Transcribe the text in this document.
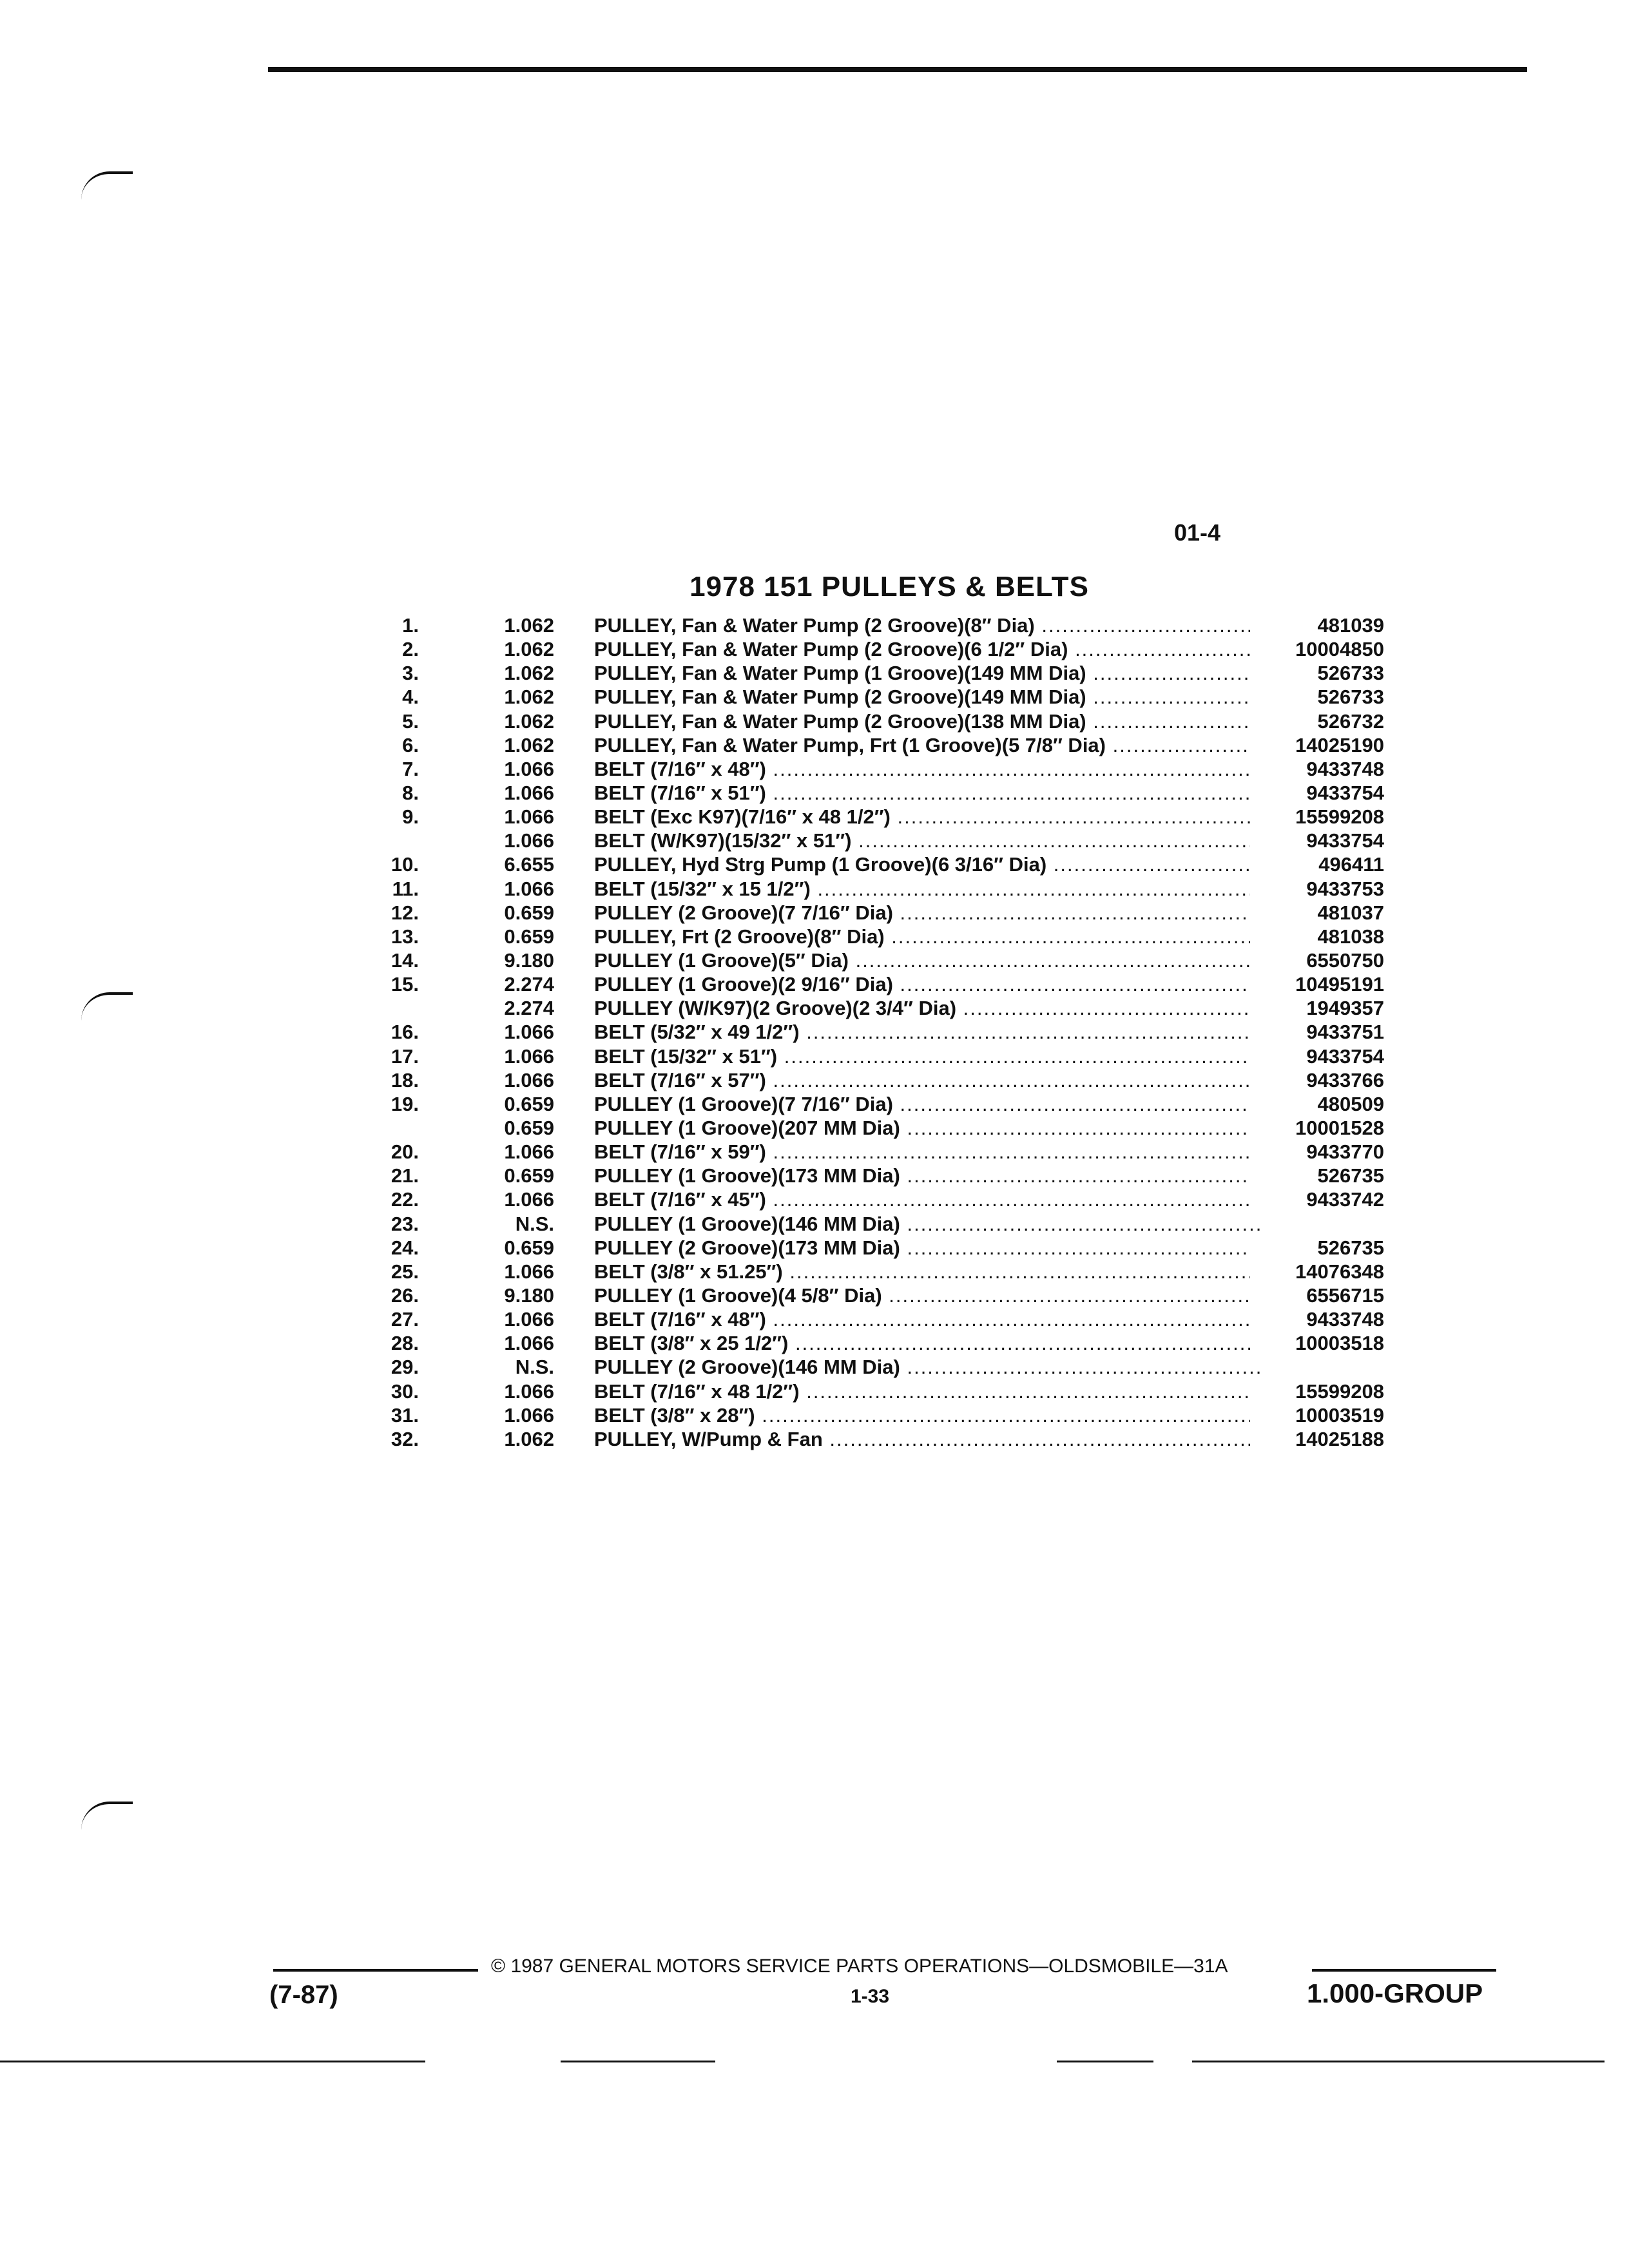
01-4
1978 151 PULLEYS & BELTS
1.	1.062 PULLEY, Fan & Water Pump (2 Groove)(8″ Dia) .....	481039
2.	1.062 PULLEY, Fan & Water Pump (2 Groove)(6 1/2″ Dia) .....	10004850
3.	1.062 PULLEY, Fan & Water Pump (1 Groove)(149 MM Dia) .....	526733
4.	1.062 PULLEY, Fan & Water Pump (2 Groove)(149 MM Dia) .....	526733
5.	1.062 PULLEY, Fan & Water Pump (2 Groove)(138 MM Dia) .....	526732
6.	1.062 PULLEY, Fan & Water Pump, Frt (1 Groove)(5 7/8″ Dia) .....	14025190
7.	1.066 BELT (7/16″ x 48″) .....	9433748
8.	1.066 BELT (7/16″ x 51″) .....	9433754
9.	1.066 BELT (Exc K97)(7/16″ x 48 1/2″) .....	15599208
1.066 BELT (W/K97)(15/32″ x 51″) .....	9433754
10.	6.655 PULLEY, Hyd Strg Pump (1 Groove)(6 3/16″ Dia) .....	496411
11.	1.066 BELT (15/32″ x 15 1/2″) .....	9433753
12.	0.659 PULLEY (2 Groove)(7 7/16″ Dia) .....	481037
13.	0.659 PULLEY, Frt (2 Groove)(8″ Dia) .....	481038
14.	9.180 PULLEY (1 Groove)(5″ Dia) .....	6550750
15.	2.274 PULLEY (1 Groove)(2 9/16″ Dia) .....	10495191
2.274 PULLEY (W/K97)(2 Groove)(2 3/4″ Dia) .....	1949357
16.	1.066 BELT (5/32″ x 49 1/2″) .....	9433751
17.	1.066 BELT (15/32″ x 51″) .....	9433754
18.	1.066 BELT (7/16″ x 57″) .....	9433766
19.	0.659 PULLEY (1 Groove)(7 7/16″ Dia) .....	480509
0.659 PULLEY (1 Groove)(207 MM Dia) .....	10001528
20.	1.066 BELT (7/16″ x 59″) .....	9433770
21.	0.659 PULLEY (1 Groove)(173 MM Dia) .....	526735
22.	1.066 BELT (7/16″ x 45″) .....	9433742
23.	N.S. PULLEY (1 Groove)(146 MM Dia) .....
24.	0.659 PULLEY (2 Groove)(173 MM Dia) .....	526735
25.	1.066 BELT (3/8″ x 51.25″) .....	14076348
26.	9.180 PULLEY (1 Groove)(4 5/8″ Dia) .....	6556715
27.	1.066 BELT (7/16″ x 48″) .....	9433748
28.	1.066 BELT (3/8″ x 25 1/2″) .....	10003518
29.	N.S. PULLEY (2 Groove)(146 MM Dia) .....
30.	1.066 BELT (7/16″ x 48 1/2″) .....	15599208
31.	1.066 BELT (3/8″ x 28″) .....	10003519
32.	1.062 PULLEY, W/Pump & Fan .....	14025188
© 1987 GENERAL MOTORS SERVICE PARTS OPERATIONS—OLDSMOBILE—31A
(7-87)	1-33	1.000-GROUP
